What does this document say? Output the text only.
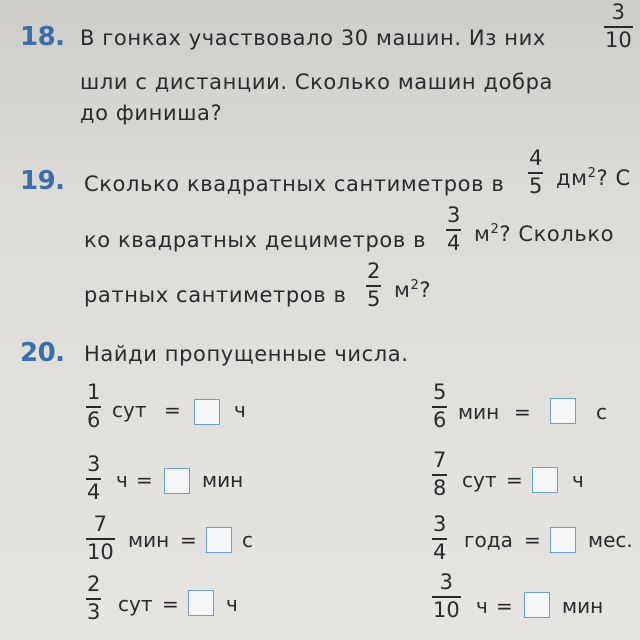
18. В гонках участвовало 30 машин. Из них
3
10
шли с дистанции. Сколько машин добра
до финиша?
19. Сколько квадратных сантиметров в
4
5 $дм^2$? С
ко квадратных дециметров в
3
4 $м^2$? Сколько
ратных сантиметров в
2
5 $м^2$?
20. Найди пропущенные числа.
1
6 сут =	ч
5
6 мин =	с
3
4 ч = мин
7
8 сут = ч
7
10 мин = с
3
4 года = мес.
2
3 сут = ч
3
10 ч = мин
